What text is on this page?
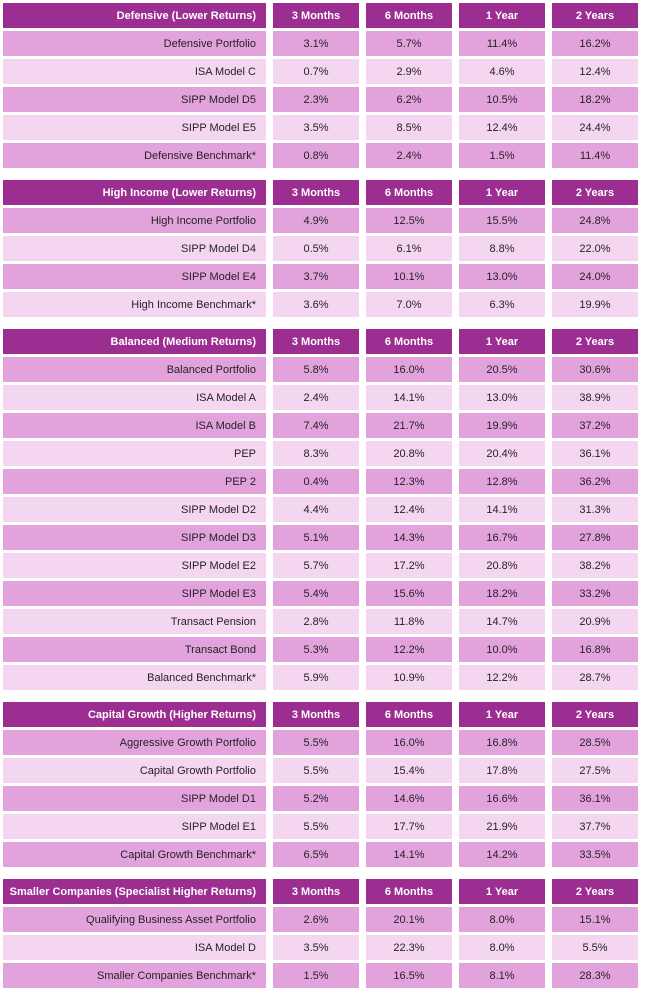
Defensive (Lower Returns)	3 Months	6 Months	1 Year	2 Years
Defensive Portfolio	3.1%	5.7%	11.4%	16.2%
ISA Model C	0.7%	2.9%	4.6%	12.4%
SIPP Model D5	2.3%	6.2%	10.5%	18.2%
SIPP Model E5	3.5%	8.5%	12.4%	24.4%
Defensive Benchmark*	0.8%	2.4%	1.5%	11.4%
High Income (Lower Returns)	3 Months	6 Months	1 Year	2 Years
High Income Portfolio	4.9%	12.5%	15.5%	24.8%
SIPP Model D4	0.5%	6.1%	8.8%	22.0%
SIPP Model E4	3.7%	10.1%	13.0%	24.0%
High Income Benchmark*	3.6%	7.0%	6.3%	19.9%
Balanced (Medium Returns)	3 Months	6 Months	1 Year	2 Years
Balanced Portfolio	5.8%	16.0%	20.5%	30.6%
ISA Model A	2.4%	14.1%	13.0%	38.9%
ISA Model B	7.4%	21.7%	19.9%	37.2%
PEP	8.3%	20.8%	20.4%	36.1%
PEP 2	0.4%	12.3%	12.8%	36.2%
SIPP Model D2	4.4%	12.4%	14.1%	31.3%
SIPP Model D3	5.1%	14.3%	16.7%	27.8%
SIPP Model E2	5.7%	17.2%	20.8%	38.2%
SIPP Model E3	5.4%	15.6%	18.2%	33.2%
Transact Pension	2.8%	11.8%	14.7%	20.9%
Transact Bond	5.3%	12.2%	10.0%	16.8%
Balanced Benchmark*	5.9%	10.9%	12.2%	28.7%
Capital Growth (Higher Returns)	3 Months	6 Months	1 Year	2 Years
Aggressive Growth Portfolio	5.5%	16.0%	16.8%	28.5%
Capital Growth Portfolio	5.5%	15.4%	17.8%	27.5%
SIPP Model D1	5.2%	14.6%	16.6%	36.1%
SIPP Model E1	5.5%	17.7%	21.9%	37.7%
Capital Growth Benchmark*	6.5%	14.1%	14.2%	33.5%
Smaller Companies (Specialist Higher Returns)	3 Months	6 Months	1 Year	2 Years
Qualifying Business Asset Portfolio	2.6%	20.1%	8.0%	15.1%
ISA Model D	3.5%	22.3%	8.0%	5.5%
Smaller Companies Benchmark*	1.5%	16.5%	8.1%	28.3%
